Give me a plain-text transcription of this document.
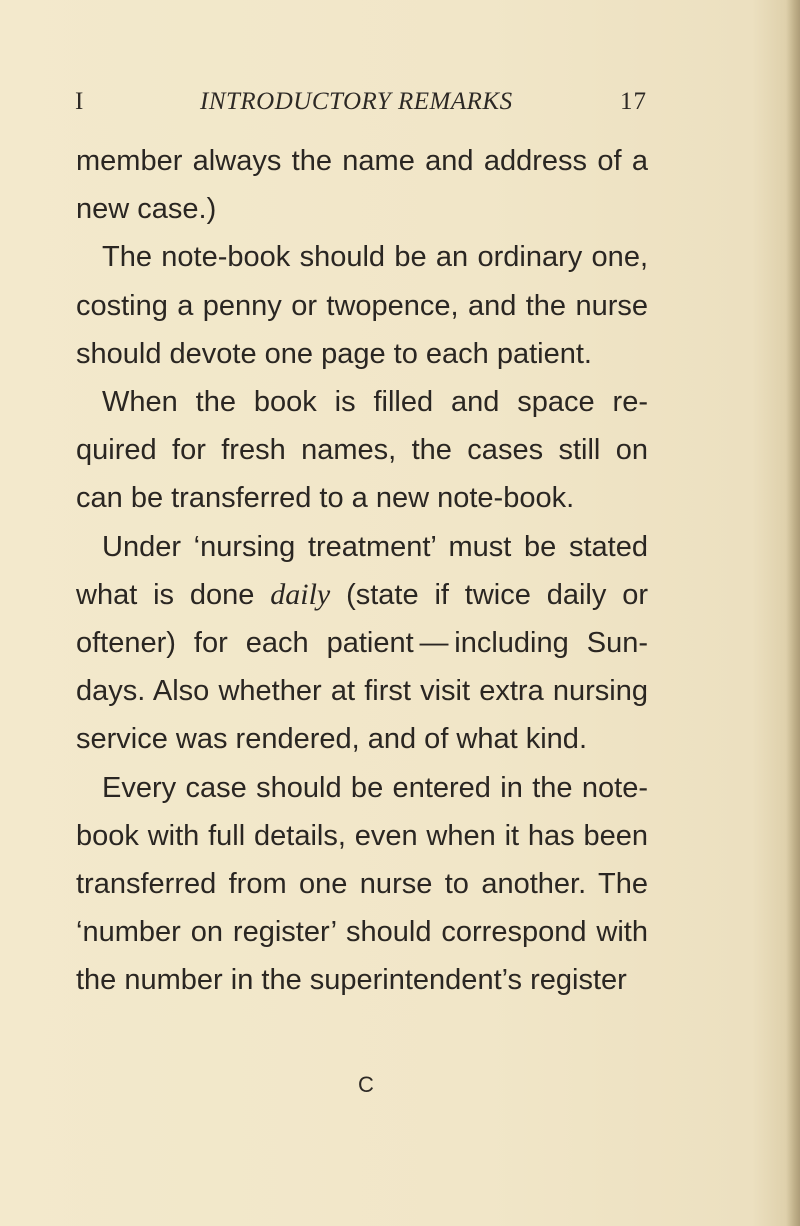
I	INTRODUCTORY REMARKS	17

member always the name and address of a new case.)

The note-book should be an ordinary one, costing a penny or twopence, and the nurse should devote one page to each patient.

When the book is filled and space required for fresh names, the cases still on can be transferred to a new note-book.

Under ‘nursing treatment’ must be stated what is done daily (state if twice daily or oftener) for each patient — including Sundays. Also whether at first visit extra nursing service was rendered, and of what kind.

Every case should be entered in the note-book with full details, even when it has been transferred from one nurse to another. The ‘number on register’ should correspond with the number in the superintendent’s register

C
